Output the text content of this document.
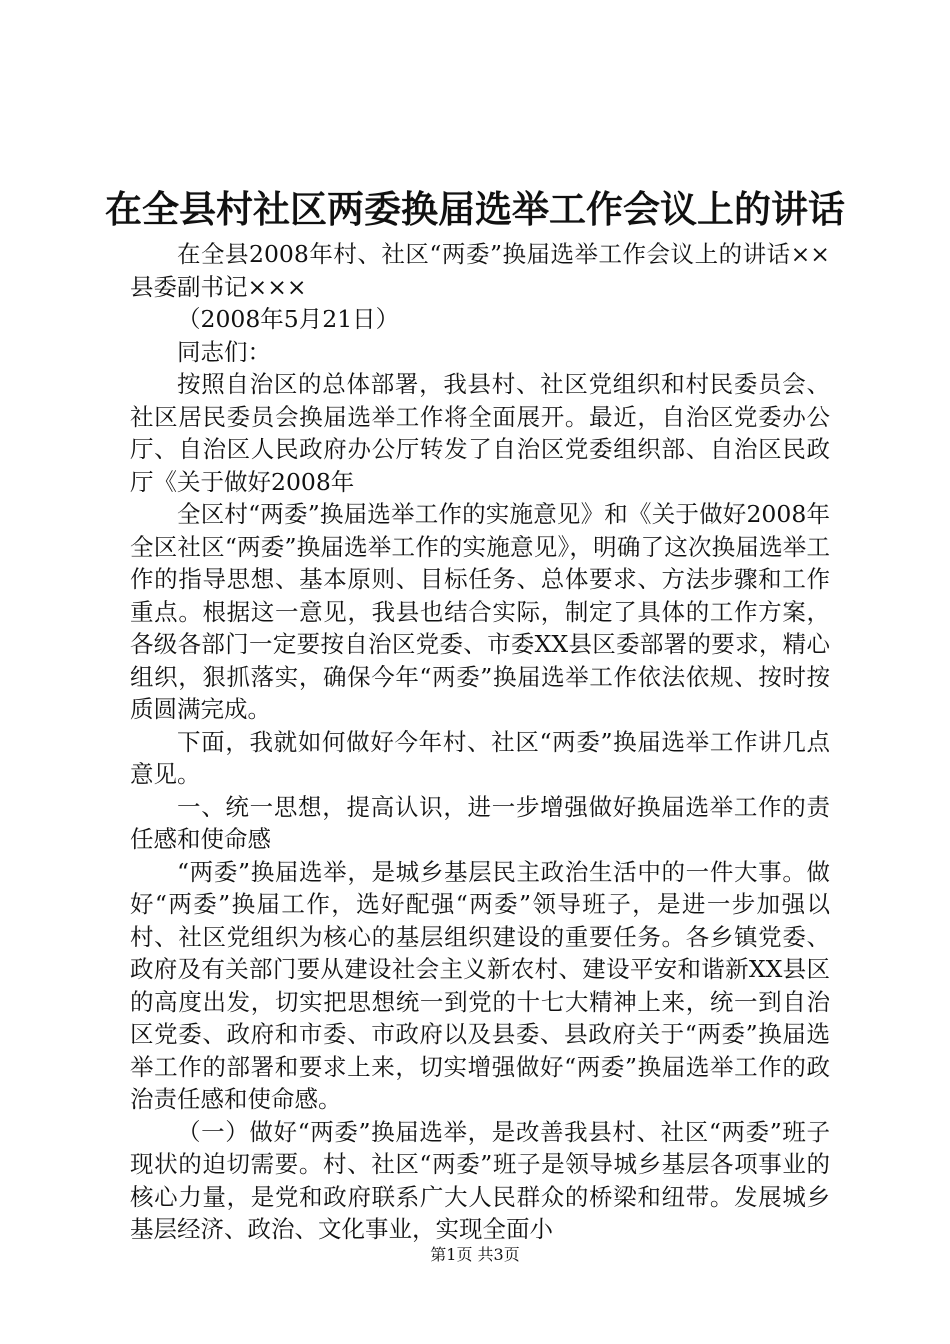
在全县村社区两委换届选举工作会议上的讲话

在全县2008年村、社区“两委”换届选举工作会议上的讲话××县委副书记×××

（2008年5月21日）

同志们：

按照自治区的总体部署，我县村、社区党组织和村民委员会、社区居民委员会换届选举工作将全面展开。最近，自治区党委办公厅、自治区人民政府办公厅转发了自治区党委组织部、自治区民政厅《关于做好2008年

全区村“两委”换届选举工作的实施意见》和《关于做好2008年全区社区“两委”换届选举工作的实施意见》，明确了这次换届选举工作的指导思想、基本原则、目标任务、总体要求、方法步骤和工作重点。根据这一意见，我县也结合实际，制定了具体的工作方案，各级各部门一定要按自治区党委、市委XX县区委部署的要求，精心组织，狠抓落实，确保今年“两委”换届选举工作依法依规、按时按质圆满完成。

下面，我就如何做好今年村、社区“两委”换届选举工作讲几点意见。

一、统一思想，提高认识，进一步增强做好换届选举工作的责任感和使命感

“两委”换届选举，是城乡基层民主政治生活中的一件大事。做好“两委”换届工作，选好配强“两委”领导班子，是进一步加强以村、社区党组织为核心的基层组织建设的重要任务。各乡镇党委、政府及有关部门要从建设社会主义新农村、建设平安和谐新XX县区的高度出发，切实把思想统一到党的十七大精神上来，统一到自治区党委、政府和市委、市政府以及县委、县政府关于“两委”换届选举工作的部署和要求上来，切实增强做好“两委”换届选举工作的政治责任感和使命感。

（一）做好“两委”换届选举，是改善我县村、社区“两委”班子现状的迫切需要。村、社区“两委”班子是领导城乡基层各项事业的核心力量，是党和政府联系广大人民群众的桥梁和纽带。发展城乡基层经济、政治、文化事业，实现全面小

第1页 共3页
